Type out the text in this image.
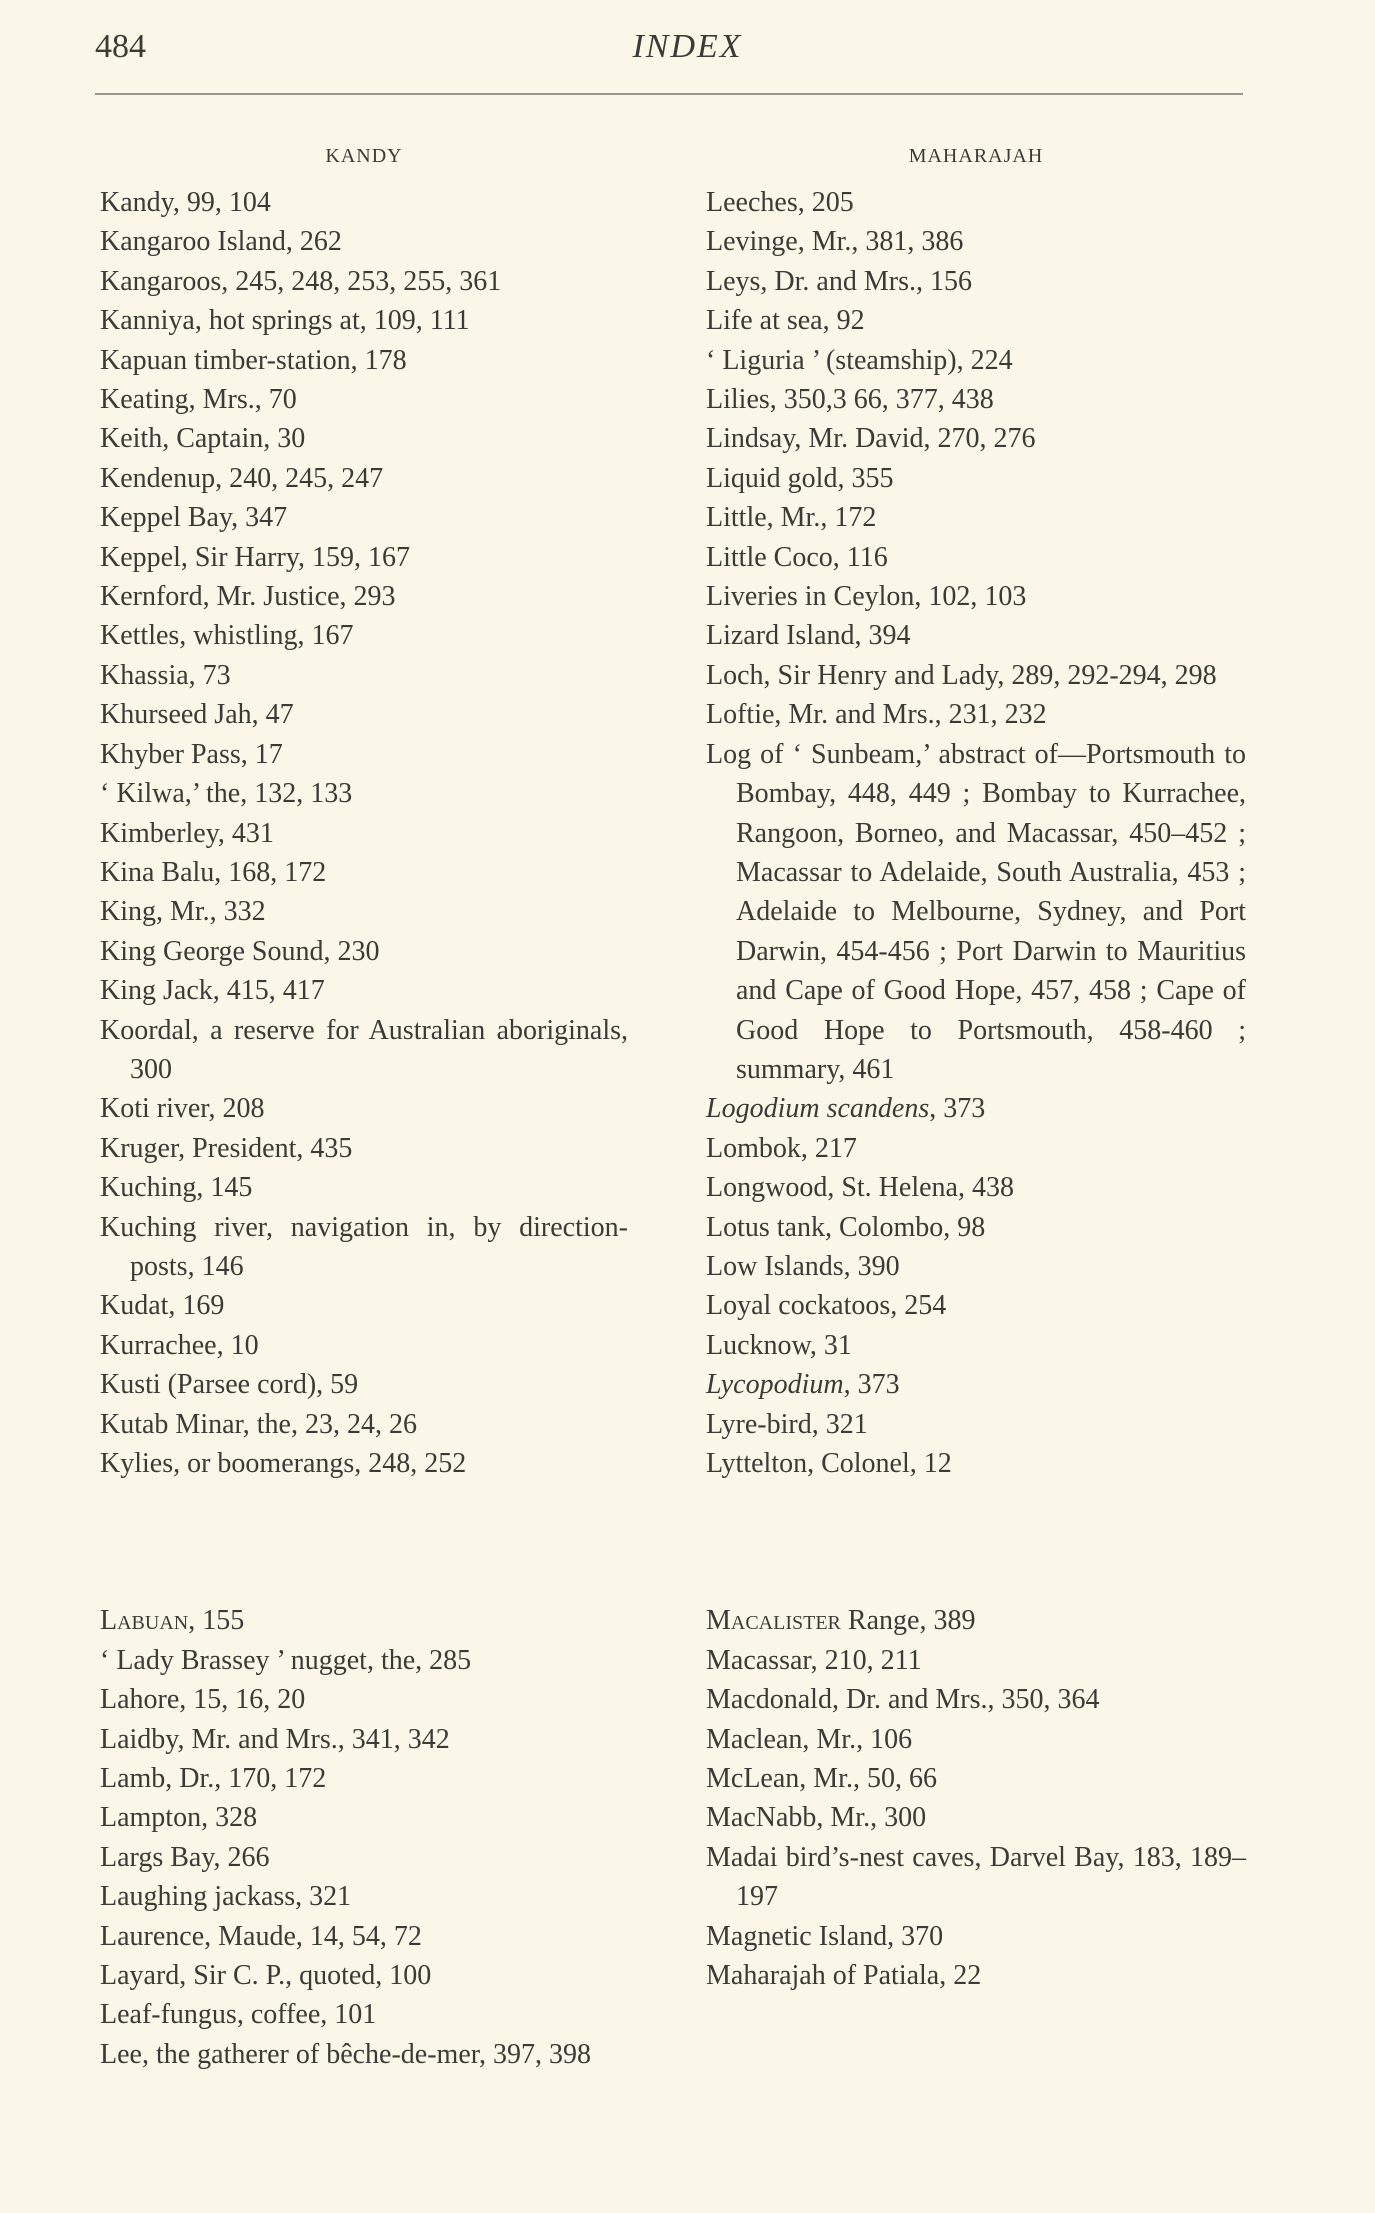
484	INDEX
KANDY
Kandy, 99, 104
Kangaroo Island, 262
Kangaroos, 245, 248, 253, 255, 361
Kanniya, hot springs at, 109, 111
Kapuan timber-station, 178
Keating, Mrs., 70
Keith, Captain, 30
Kendenup, 240, 245, 247
Keppel Bay, 347
Keppel, Sir Harry, 159, 167
Kernford, Mr. Justice, 293
Kettles, whistling, 167
Khassia, 73
Khurseed Jah, 47
Khyber Pass, 17
‘ Kilwa,’ the, 132, 133
Kimberley, 431
Kina Balu, 168, 172
King, Mr., 332
King George Sound, 230
King Jack, 415, 417
Koordal, a reserve for Australian aboriginals, 300
Koti river, 208
Kruger, President, 435
Kuching, 145
Kuching river, navigation in, by direction-posts, 146
Kudat, 169
Kurrachee, 10
Kusti (Parsee cord), 59
Kutab Minar, the, 23, 24, 26
Kylies, or boomerangs, 248, 252
Labuan, 155
‘ Lady Brassey ’ nugget, the, 285
Lahore, 15, 16, 20
Laidby, Mr. and Mrs., 341, 342
Lamb, Dr., 170, 172
Lampton, 328
Largs Bay, 266
Laughing jackass, 321
Laurence, Maude, 14, 54, 72
Layard, Sir C. P., quoted, 100
Leaf-fungus, coffee, 101
Lee, the gatherer of bêche-de-mer, 397, 398
MAHARAJAH
Leeches, 205
Levinge, Mr., 381, 386
Leys, Dr. and Mrs., 156
Life at sea, 92
‘ Liguria ’ (steamship), 224
Lilies, 350,3 66, 377, 438
Lindsay, Mr. David, 270, 276
Liquid gold, 355
Little, Mr., 172
Little Coco, 116
Liveries in Ceylon, 102, 103
Lizard Island, 394
Loch, Sir Henry and Lady, 289, 292-294, 298
Loftie, Mr. and Mrs., 231, 232
Log of ‘ Sunbeam,’ abstract of—Portsmouth to Bombay, 448, 449 ; Bombay to Kurrachee, Rangoon, Borneo, and Macassar, 450–452 ; Macassar to Adelaide, South Australia, 453 ; Adelaide to Melbourne, Sydney, and Port Darwin, 454-456 ; Port Darwin to Mauritius and Cape of Good Hope, 457, 458 ; Cape of Good Hope to Portsmouth, 458-460 ; summary, 461
Logodium scandens, 373
Lombok, 217
Longwood, St. Helena, 438
Lotus tank, Colombo, 98
Low Islands, 390
Loyal cockatoos, 254
Lucknow, 31
Lycopodium, 373
Lyre-bird, 321
Lyttelton, Colonel, 12
Macalister Range, 389
Macassar, 210, 211
Macdonald, Dr. and Mrs., 350, 364
Maclean, Mr., 106
McLean, Mr., 50, 66
MacNabb, Mr., 300
Madai bird’s-nest caves, Darvel Bay, 183, 189–197
Magnetic Island, 370
Maharajah of Patiala, 22
